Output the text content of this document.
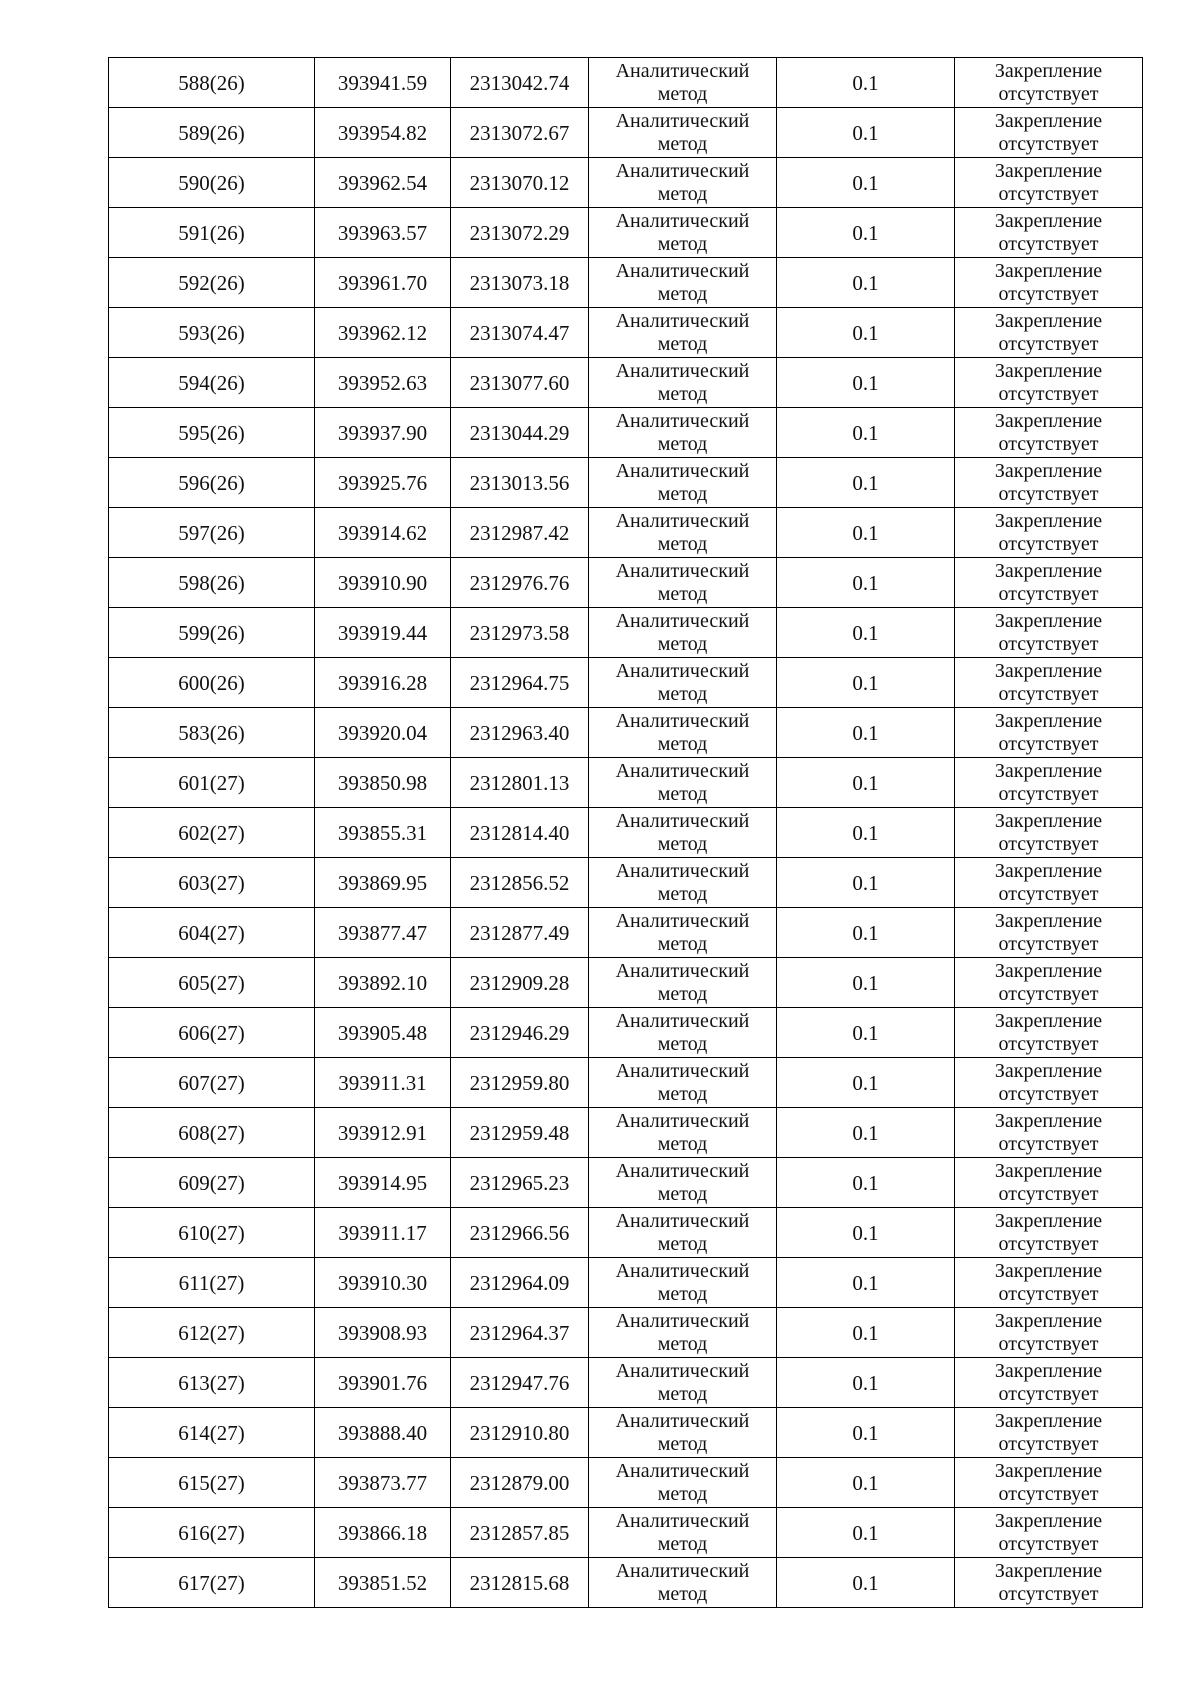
588(26)	393941.59	2313042.74	Аналитический
метод	0.1	Закрепление
отсутствует

589(26)	393954.82	2313072.67	Аналитический
метод	0.1	Закрепление
отсутствует

590(26)	393962.54	2313070.12	Аналитический
метод	0.1	Закрепление
отсутствует

591(26)	393963.57	2313072.29	Аналитический
метод	0.1	Закрепление
отсутствует

592(26)	393961.70	2313073.18	Аналитический
метод	0.1	Закрепление
отсутствует

593(26)	393962.12	2313074.47	Аналитический
метод	0.1	Закрепление
отсутствует

594(26)	393952.63	2313077.60	Аналитический
метод	0.1	Закрепление
отсутствует

595(26)	393937.90	2313044.29	Аналитический
метод	0.1	Закрепление
отсутствует

596(26)	393925.76	2313013.56	Аналитический
метод	0.1	Закрепление
отсутствует

597(26)	393914.62	2312987.42	Аналитический
метод	0.1	Закрепление
отсутствует

598(26)	393910.90	2312976.76	Аналитический
метод	0.1	Закрепление
отсутствует

599(26)	393919.44	2312973.58	Аналитический
метод	0.1	Закрепление
отсутствует

600(26)	393916.28	2312964.75	Аналитический
метод	0.1	Закрепление
отсутствует

583(26)	393920.04	2312963.40	Аналитический
метод	0.1	Закрепление
отсутствует

601(27)	393850.98	2312801.13	Аналитический
метод	0.1	Закрепление
отсутствует

602(27)	393855.31	2312814.40	Аналитический
метод	0.1	Закрепление
отсутствует

603(27)	393869.95	2312856.52	Аналитический
метод	0.1	Закрепление
отсутствует

604(27)	393877.47	2312877.49	Аналитический
метод	0.1	Закрепление
отсутствует

605(27)	393892.10	2312909.28	Аналитический
метод	0.1	Закрепление
отсутствует

606(27)	393905.48	2312946.29	Аналитический
метод	0.1	Закрепление
отсутствует

607(27)	393911.31	2312959.80	Аналитический
метод	0.1	Закрепление
отсутствует

608(27)	393912.91	2312959.48	Аналитический
метод	0.1	Закрепление
отсутствует

609(27)	393914.95	2312965.23	Аналитический
метод	0.1	Закрепление
отсутствует

610(27)	393911.17	2312966.56	Аналитический
метод	0.1	Закрепление
отсутствует

611(27)	393910.30	2312964.09	Аналитический
метод	0.1	Закрепление
отсутствует

612(27)	393908.93	2312964.37	Аналитический
метод	0.1	Закрепление
отсутствует

613(27)	393901.76	2312947.76	Аналитический
метод	0.1	Закрепление
отсутствует

614(27)	393888.40	2312910.80	Аналитический
метод	0.1	Закрепление
отсутствует

615(27)	393873.77	2312879.00	Аналитический
метод	0.1	Закрепление
отсутствует

616(27)	393866.18	2312857.85	Аналитический
метод	0.1	Закрепление
отсутствует

617(27)	393851.52	2312815.68	Аналитический
метод	0.1	Закрепление
отсутствует
